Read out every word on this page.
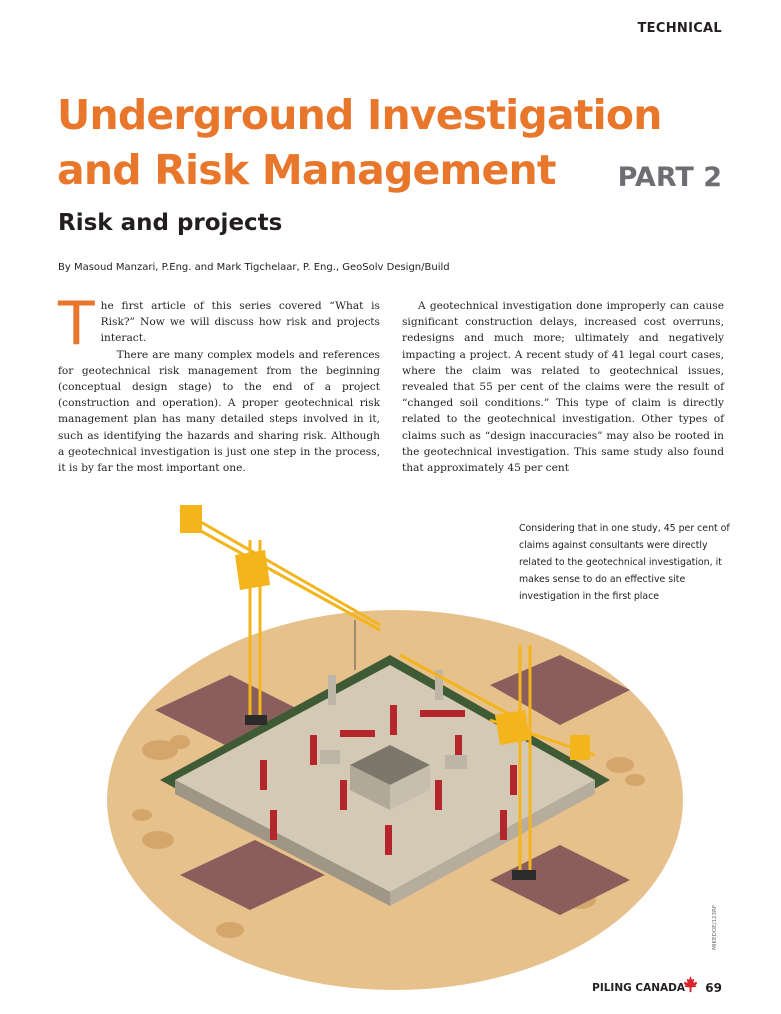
TECHNICAL
Underground Investigation
and Risk Management	PART 2
Risk and projects
By Masoud Manzari, P.Eng. and Mark Tigchelaar, P. Eng., GeoSolv Design/Build

The first article of this series covered “What is Risk?” Now we will discuss how risk and projects interact.

There are many complex models and references for geotechnical risk management from the beginning (conceptual design stage) to the end of a project (construction and operation). A proper geotechnical risk management plan has many detailed steps involved in it, such as identifying the hazards and sharing risk. Although a geotechnical investigation is just one step in the process, it is by far the most important one.

A geotechnical investigation done improperly can cause significant construction delays, increased cost overruns, redesigns and much more; ultimately and negatively impacting a project. A recent study of 41 legal court cases, where the claim was related to geotechnical issues, revealed that 55 per cent of the claims were the result of “changed soil conditions.” This type of claim is directly related to the geotechnical investigation. Other types of claims such as “design inaccuracies” may also be rooted in the geotechnical investigation. This same study also found that approximately 45 per cent

Considering that in one study, 45 per cent of claims against consultants were directly related to the geotechnical investigation, it makes sense to do an effective site investigation in the first place
MIKEDOE/123RF
PILING CANADA 69
